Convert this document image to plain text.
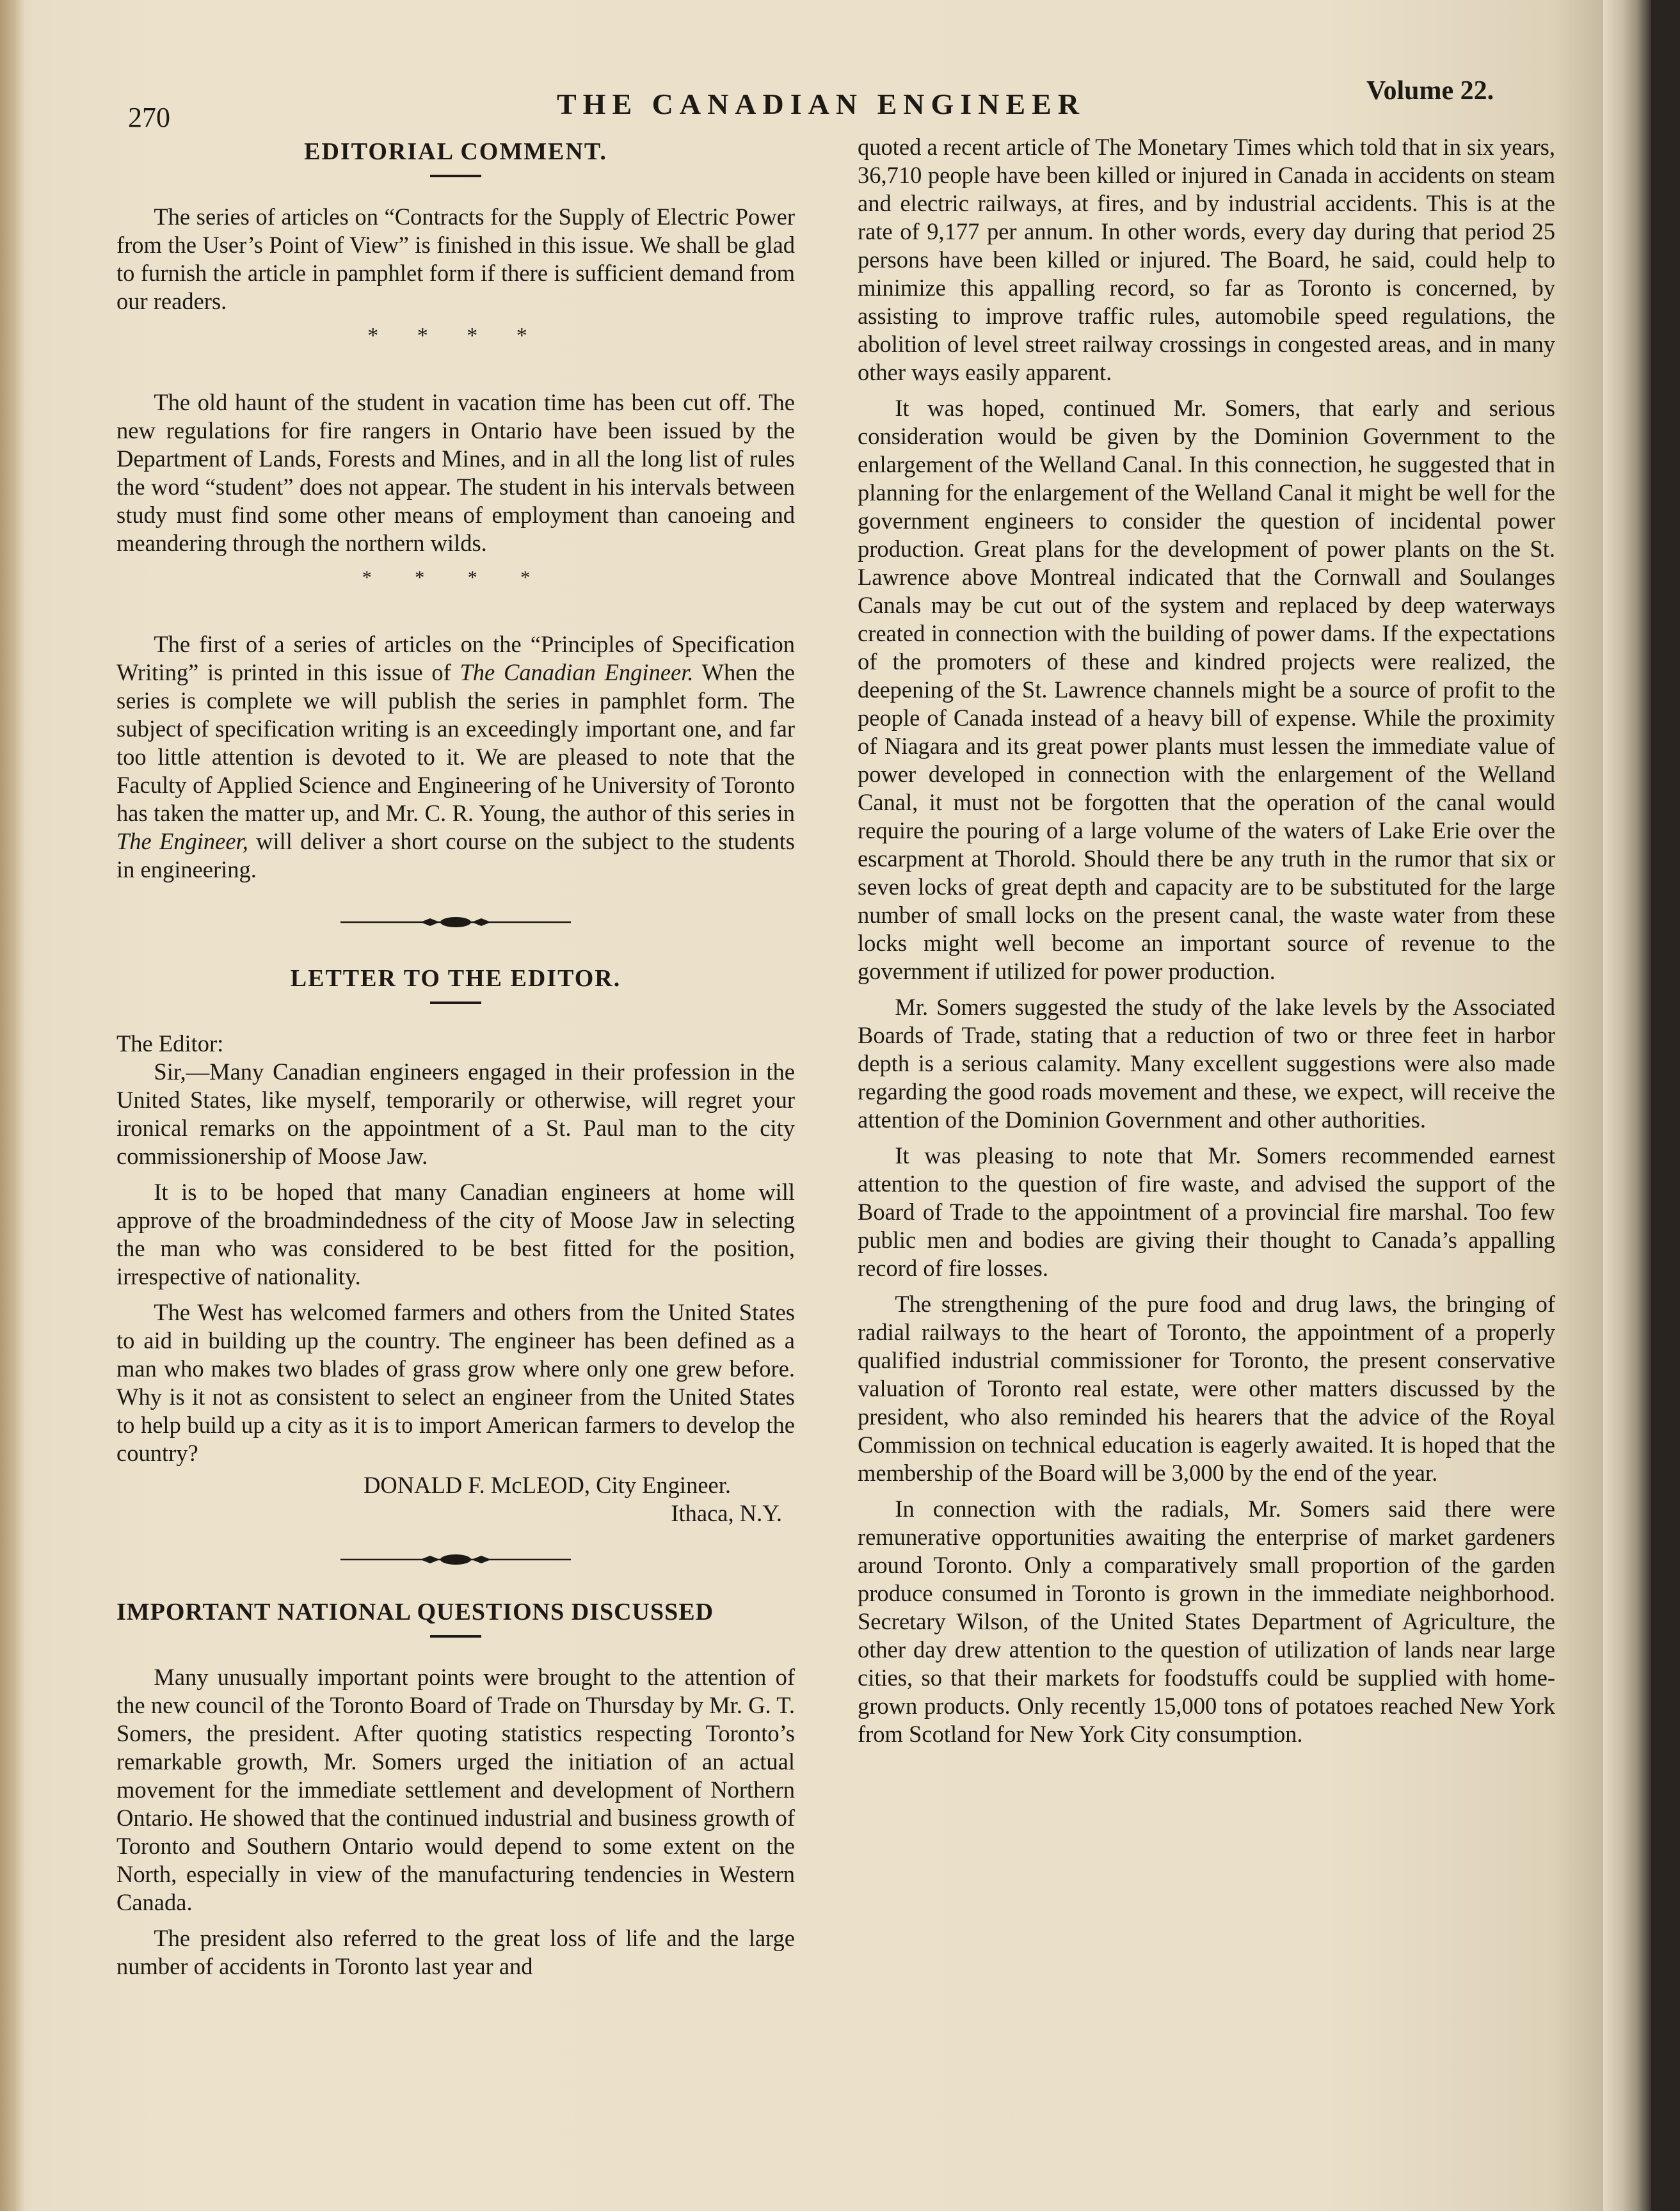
270	THE CANADIAN ENGINEER	Volume 22.
EDITORIAL COMMENT.

The series of articles on “Contracts for the Supply of Electric Power from the User’s Point of View” is finished in this issue. We shall be glad to furnish the article in pamphlet form if there is sufficient demand from our readers.

* * * *

The old haunt of the student in vacation time has been cut off. The new regulations for fire rangers in Ontario have been issued by the Department of Lands, Forests and Mines, and in all the long list of rules the word “student” does not appear. The student in his intervals between study must find some other means of employment than canoeing and meandering through the northern wilds.

* * * *

The first of a series of articles on the “Principles of Specification Writing” is printed in this issue of The Canadian Engineer. When the series is complete we will publish the series in pamphlet form. The subject of specification writing is an exceedingly important one, and far too little attention is devoted to it. We are pleased to note that the Faculty of Applied Science and Engineering of he University of Toronto has taken the matter up, and Mr. C. R. Young, the author of this series in The Engineer, will deliver a short course on the subject to the students in engineering.

LETTER TO THE EDITOR.

The Editor:

Sir,—Many Canadian engineers engaged in their profession in the United States, like myself, temporarily or otherwise, will regret your ironical remarks on the appointment of a St. Paul man to the city commissionership of Moose Jaw.

It is to be hoped that many Canadian engineers at home will approve of the broadmindedness of the city of Moose Jaw in selecting the man who was considered to be best fitted for the position, irrespective of nationality.

The West has welcomed farmers and others from the United States to aid in building up the country. The engineer has been defined as a man who makes two blades of grass grow where only one grew before. Why is it not as consistent to select an engineer from the United States to help build up a city as it is to import American farmers to develop the country?

DONALD F. McLEOD, City Engineer.
Ithaca, N.Y.
IMPORTANT NATIONAL QUESTIONS DISCUSSED

Many unusually important points were brought to the attention of the new council of the Toronto Board of Trade on Thursday by Mr. G. T. Somers, the president. After quoting statistics respecting Toronto’s remarkable growth, Mr. Somers urged the initiation of an actual movement for the immediate settlement and development of Northern Ontario. He showed that the continued industrial and business growth of Toronto and Southern Ontario would depend to some extent on the North, especially in view of the manufacturing tendencies in Western Canada.

The president also referred to the great loss of life and the large number of accidents in Toronto last year and

quoted a recent article of The Monetary Times which told that in six years, 36,710 people have been killed or injured in Canada in accidents on steam and electric railways, at fires, and by industrial accidents. This is at the rate of 9,177 per annum. In other words, every day during that period 25 persons have been killed or injured. The Board, he said, could help to minimize this appalling record, so far as Toronto is concerned, by assisting to improve traffic rules, automobile speed regulations, the abolition of level street railway crossings in congested areas, and in many other ways easily apparent.

It was hoped, continued Mr. Somers, that early and serious consideration would be given by the Dominion Government to the enlargement of the Welland Canal. In this connection, he suggested that in planning for the enlargement of the Welland Canal it might be well for the government engineers to consider the question of incidental power production. Great plans for the development of power plants on the St. Lawrence above Montreal indicated that the Cornwall and Soulanges Canals may be cut out of the system and replaced by deep waterways created in connection with the building of power dams. If the expectations of the promoters of these and kindred projects were realized, the deepening of the St. Lawrence channels might be a source of profit to the people of Canada instead of a heavy bill of expense. While the proximity of Niagara and its great power plants must lessen the immediate value of power developed in connection with the enlargement of the Welland Canal, it must not be forgotten that the operation of the canal would require the pouring of a large volume of the waters of Lake Erie over the escarpment at Thorold. Should there be any truth in the rumor that six or seven locks of great depth and capacity are to be substituted for the large number of small locks on the present canal, the waste water from these locks might well become an important source of revenue to the government if utilized for power production.

Mr. Somers suggested the study of the lake levels by the Associated Boards of Trade, stating that a reduction of two or three feet in harbor depth is a serious calamity. Many excellent suggestions were also made regarding the good roads movement and these, we expect, will receive the attention of the Dominion Government and other authorities.

It was pleasing to note that Mr. Somers recommended earnest attention to the question of fire waste, and advised the support of the Board of Trade to the appointment of a provincial fire marshal. Too few public men and bodies are giving their thought to Canada’s appalling record of fire losses.

The strengthening of the pure food and drug laws, the bringing of radial railways to the heart of Toronto, the appointment of a properly qualified industrial commissioner for Toronto, the present conservative valuation of Toronto real estate, were other matters discussed by the president, who also reminded his hearers that the advice of the Royal Commission on technical education is eagerly awaited. It is hoped that the membership of the Board will be 3,000 by the end of the year.

In connection with the radials, Mr. Somers said there were remunerative opportunities awaiting the enterprise of market gardeners around Toronto. Only a comparatively small proportion of the garden produce consumed in Toronto is grown in the immediate neighborhood. Secretary Wilson, of the United States Department of Agriculture, the other day drew attention to the question of utilization of lands near large cities, so that their markets for foodstuffs could be supplied with home-grown products. Only recently 15,000 tons of potatoes reached New York from Scotland for New York City consumption.
